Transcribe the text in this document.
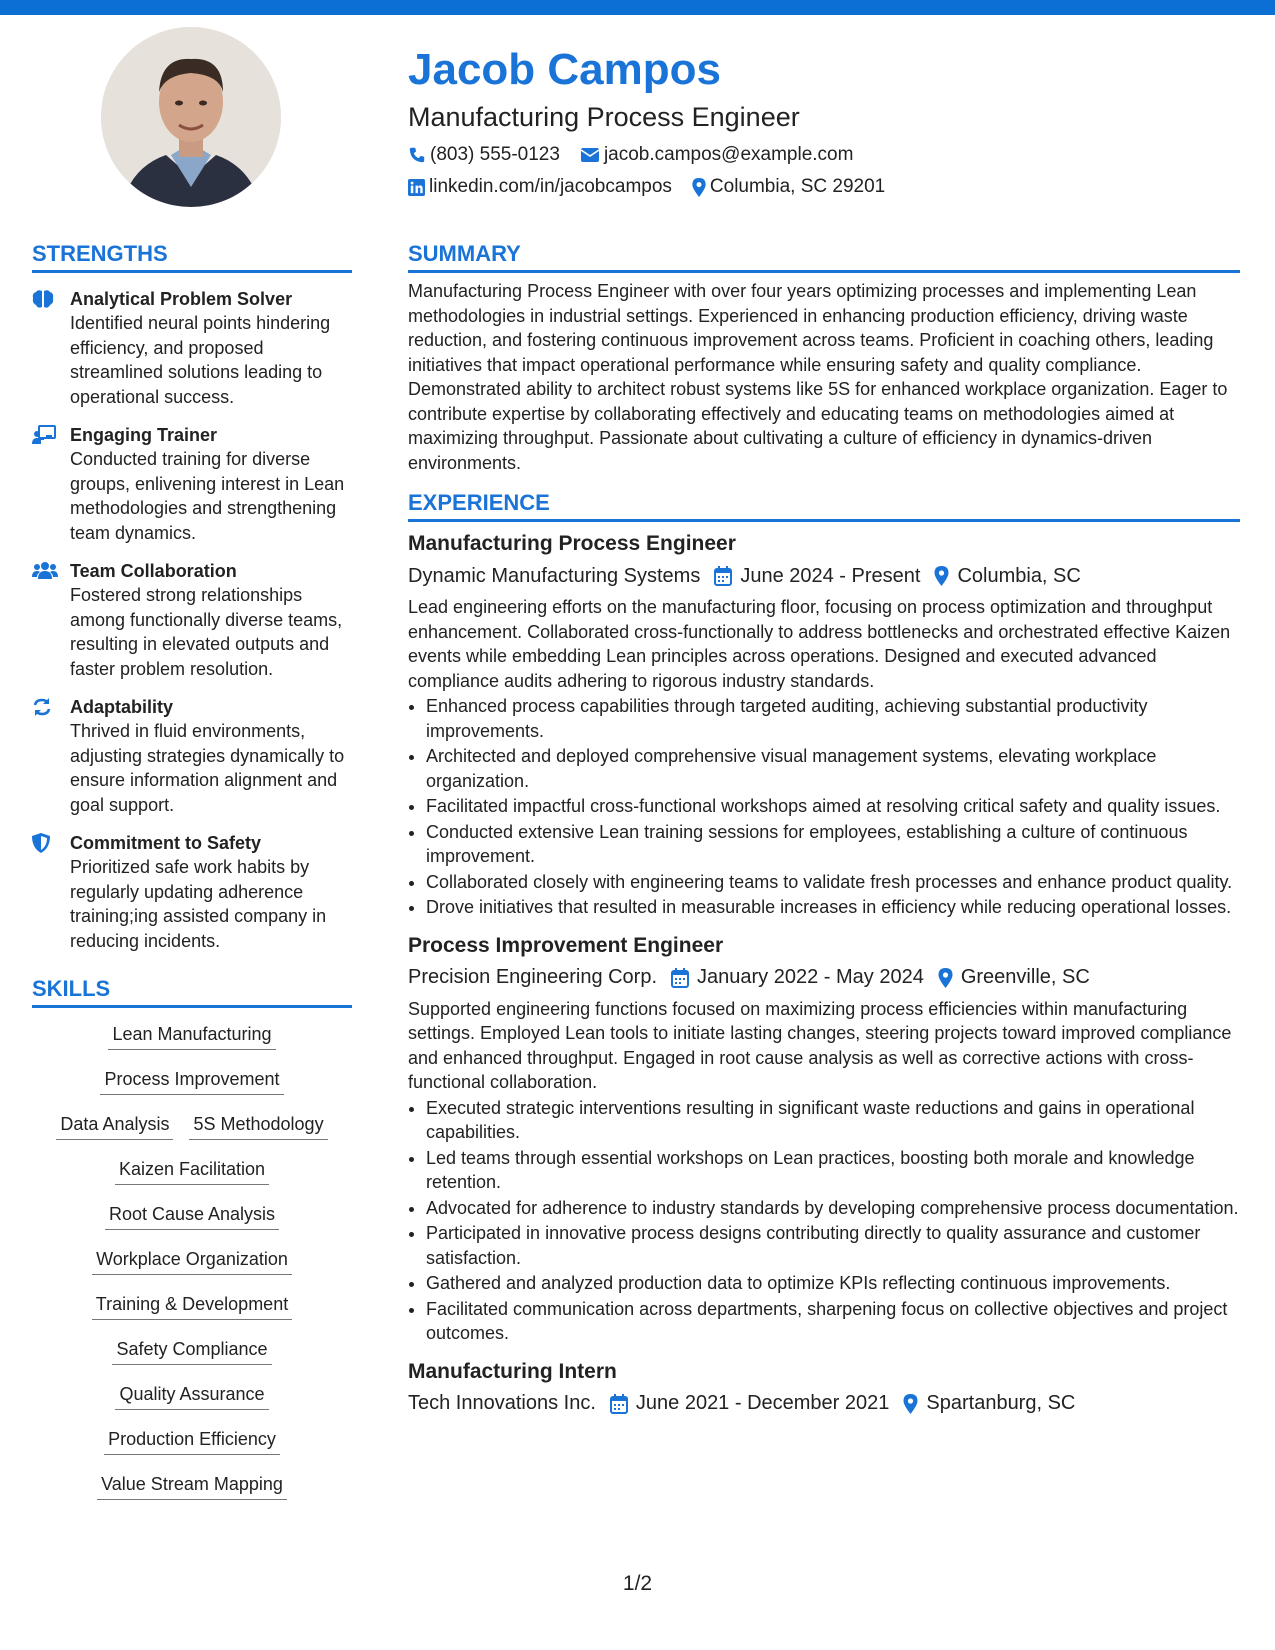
Jacob Campos
Manufacturing Process Engineer
(803) 555-0123 jacob.campos@example.com
linkedin.com/in/jacobcampos Columbia, SC 29201
STRENGTHS
Analytical Problem Solver
Identified neural points hindering efficiency, and proposed streamlined solutions leading to operational success.
Engaging Trainer
Conducted training for diverse groups, enlivening interest in Lean methodologies and strengthening team dynamics.
Team Collaboration
Fostered strong relationships among functionally diverse teams, resulting in elevated outputs and faster problem resolution.
Adaptability
Thrived in fluid environments, adjusting strategies dynamically to ensure information alignment and goal support.
Commitment to Safety
Prioritized safe work habits by regularly updating adherence training;ing assisted company in reducing incidents.
SKILLS
Lean Manufacturing
Process Improvement
Data Analysis 5S Methodology
Kaizen Facilitation
Root Cause Analysis
Workplace Organization
Training & Development
Safety Compliance
Quality Assurance
Production Efficiency
Value Stream Mapping
SUMMARY
Manufacturing Process Engineer with over four years optimizing processes and implementing Lean methodologies in industrial settings. Experienced in enhancing production efficiency, driving waste reduction, and fostering continuous improvement across teams. Proficient in coaching others, leading initiatives that impact operational performance while ensuring safety and quality compliance. Demonstrated ability to architect robust systems like 5S for enhanced workplace organization. Eager to contribute expertise by collaborating effectively and educating teams on methodologies aimed at maximizing throughput. Passionate about cultivating a culture of efficiency in dynamics-driven environments.
EXPERIENCE
Manufacturing Process Engineer
Dynamic Manufacturing Systems June 2024 - Present Columbia, SC
Lead engineering efforts on the manufacturing floor, focusing on process optimization and throughput enhancement. Collaborated cross-functionally to address bottlenecks and orchestrated effective Kaizen events while embedding Lean principles across operations. Designed and executed advanced compliance audits adhering to rigorous industry standards.
• Enhanced process capabilities through targeted auditing, achieving substantial productivity improvements.
• Architected and deployed comprehensive visual management systems, elevating workplace organization.
• Facilitated impactful cross-functional workshops aimed at resolving critical safety and quality issues.
• Conducted extensive Lean training sessions for employees, establishing a culture of continuous improvement.
• Collaborated closely with engineering teams to validate fresh processes and enhance product quality.
• Drove initiatives that resulted in measurable increases in efficiency while reducing operational losses.
Process Improvement Engineer
Precision Engineering Corp. January 2022 - May 2024 Greenville, SC
Supported engineering functions focused on maximizing process efficiencies within manufacturing settings. Employed Lean tools to initiate lasting changes, steering projects toward improved compliance and enhanced throughput. Engaged in root cause analysis as well as corrective actions with cross-functional collaboration.
• Executed strategic interventions resulting in significant waste reductions and gains in operational capabilities.
• Led teams through essential workshops on Lean practices, boosting both morale and knowledge retention.
• Advocated for adherence to industry standards by developing comprehensive process documentation.
• Participated in innovative process designs contributing directly to quality assurance and customer satisfaction.
• Gathered and analyzed production data to optimize KPIs reflecting continuous improvements.
• Facilitated communication across departments, sharpening focus on collective objectives and project outcomes.
Manufacturing Intern
Tech Innovations Inc. June 2021 - December 2021 Spartanburg, SC
1/2
